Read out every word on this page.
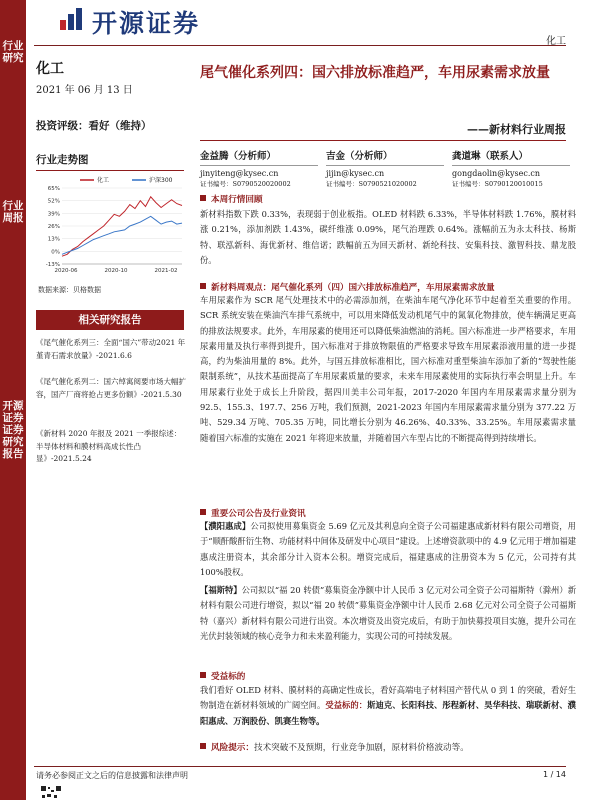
行业研究
行业周报
开源证券 证券研究报告
开源证券
化工
化工
2021 年 06 月 13 日
投资评级：看好（维持）
行业走势图
-13%
0%
13%
26%
39%
52%
65%
2020-06	2020-10	2021-02
化工	沪深300
数据来源：贝格数据
相关研究报告
《尾气催化系列三：全面“国六”带动2021 年堇青石需求放量》-2021.6.6
《尾气催化系列二：国六绰寓阅要市场大幅扩容，国产厂商将抢占更多份额》-2021.5.30
《新材料 2020 年报及 2021 一季报综述：半导体材料和膜材料高成长性凸显》-2021.5.24
尾气催化系列四：国六排放标准趋严，车用尿素需求放量
——新材料行业周报
金益腾（分析师）
jinyiteng@kysec.cn
证书编号：S0790520020002
吉金（分析师）
jijin@kysec.cn
证书编号：S0790521020002
龚道琳（联系人）
gongdaolin@kysec.cn
证书编号：S0790120010015
本周行情回顾
新材料指数下跌 0.33%，表现弱于创业板指。OLED 材料跌 6.33%，半导体材料跌 1.76%，膜材料涨 0.21%，添加剂跌 1.43%，碳纤维涨 0.09%，尾气治理跌 0.64%。涨幅前五为永太科技、杨斯特、联泓新科、海优新材、维信诺；跌幅前五为回天新材、新纶科技、安集科技、激智科技、鼎龙股份。
新材料周观点：尾气催化系列（四）国六排放标准趋严，车用尿素需求放量
车用尿素作为 SCR 尾气处理技术中的必需添加剂，在柴油车尾气净化环节中起着至关重要的作用。SCR 系统安装在柴油汽车排气系统中，可以用来降低发动机尾气中的氮氧化物排放，使车辆满足更高的排放法规要求。此外，车用尿素的使用还可以降低柴油燃油的消耗。国六标准进一步严格要求，车用尿素用量及执行率得到提升，国六标准对于排放物限值的严格要求导致车用尿素添液用量的进一步提高，约为柴油用量的 8%。此外，与国五排放标准相比，国六标准对重型柴油车添加了新的“驾驶性能限制系统”，从技术基面提高了车用尿素质量的要求，未来车用尿素使用的实际执行率会明显上升。车用尿素行业处于成长上升阶段，据四川美丰公司年报，2017-2020 年国内车用尿素需求量分别为 92.5、155.3、197.7、256 万吨，我们预测，2021-2023 年国内车用尿素需求量分别为 377.22 万吨、529.34 万吨、705.35 万吨，同比增长分别为 46.26%、40.33%、33.25%。车用尿素需求量随着国六标准的实施在 2021 年将迎来放量，并随着国六车型占比的不断提高得到持续增长。
重要公司公告及行业资讯
【濮阳惠成】公司拟使用募集资金 5.69 亿元及其利息向全资子公司福建惠成新材料有限公司增资，用于“顺酐酸酐衍生物、功能材料中间体及研发中心项目”建设。上述增资款项中的 4.9 亿元用于增加福建惠成注册资本，其余部分计入资本公积。增资完成后，福建惠成的注册资本为 5 亿元，公司持有其 100%股权。
【福斯特】公司拟以“福 20 转债”募集资金净额中计人民币 3 亿元对公司全资子公司福斯特（滁州）新材料有限公司进行增资，拟以“福 20 转债”募集资金净额中计人民币 2.68 亿元对公司全资子公司福斯特（嘉兴）新材料有限公司进行出资。本次增资及出资完成后，有助于加快募投项目实施，提升公司在光伏封装领域的核心竞争力和未来盈利能力，实现公司的可持续发展。
受益标的
我们看好 OLED 材料、膜材料的高确定性成长，看好高端电子材料国产替代从 0 到 1 的突破，看好生物制造在新材料领域的广阔空间。受益标的：斯迪克、长阳科技、彤程新材、昊华科技、瑞联新材、濮阳惠成、万润股份、凯赛生物等。
风险提示：技术突破不及预期，行业竞争加剧，原材料价格波动等。
请务必参阅正文之后的信息披露和法律声明	1 / 14
